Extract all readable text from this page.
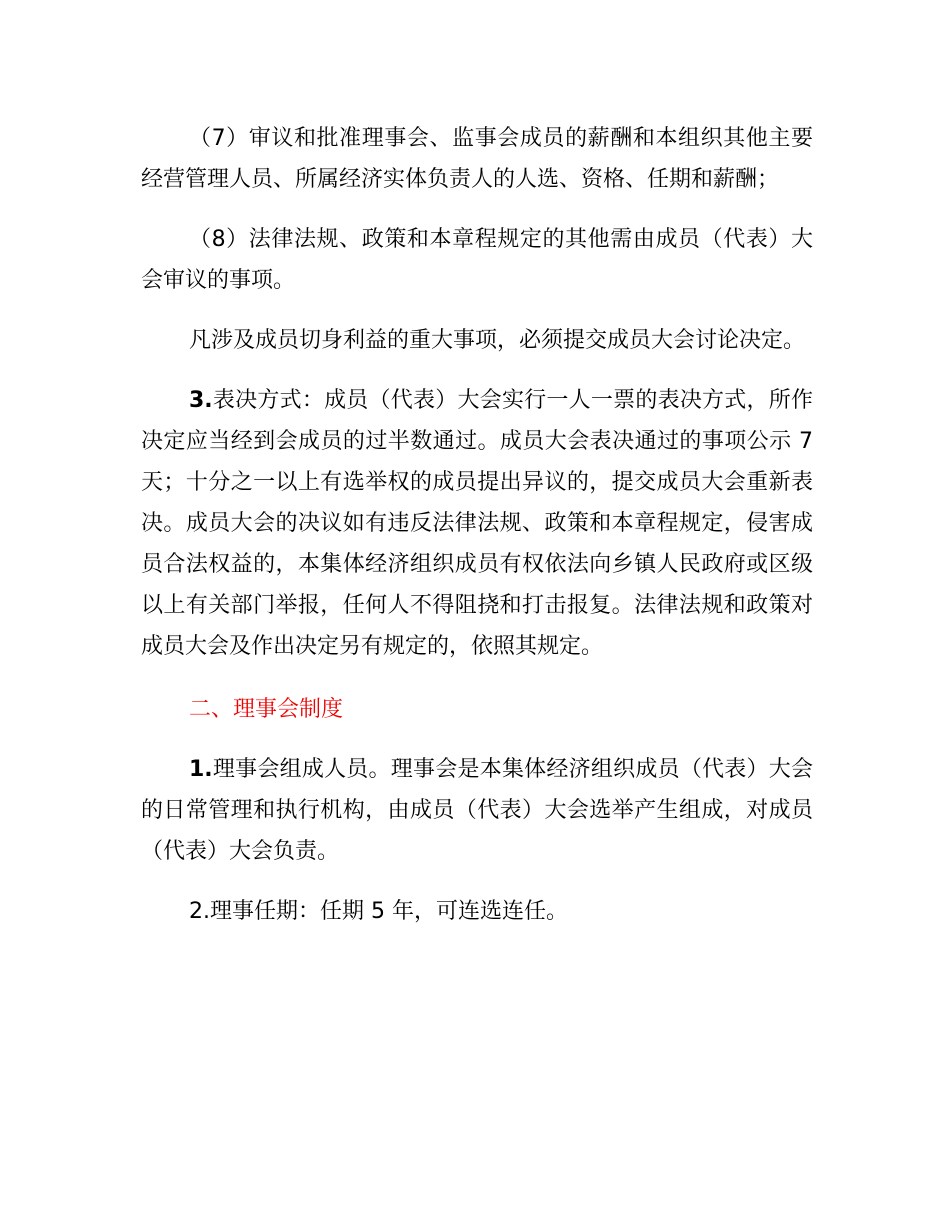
（7）审议和批准理事会、监事会成员的薪酬和本组织其他主要经营管理人员、所属经济实体负责人的人选、资格、任期和薪酬；

（8）法律法规、政策和本章程规定的其他需由成员（代表）大会审议的事项。

凡涉及成员切身利益的重大事项，必须提交成员大会讨论决定。

3.表决方式：成员（代表）大会实行一人一票的表决方式，所作决定应当经到会成员的过半数通过。成员大会表决通过的事项公示 7 天；十分之一以上有选举权的成员提出异议的，提交成员大会重新表决。成员大会的决议如有违反法律法规、政策和本章程规定，侵害成员合法权益的，本集体经济组织成员有权依法向乡镇人民政府或区级以上有关部门举报，任何人不得阻挠和打击报复。法律法规和政策对成员大会及作出决定另有规定的，依照其规定。

二、理事会制度

1.理事会组成人员。理事会是本集体经济组织成员（代表）大会的日常管理和执行机构，由成员（代表）大会选举产生组成，对成员（代表）大会负责。

2.理事任期：任期 5 年，可连选连任。
